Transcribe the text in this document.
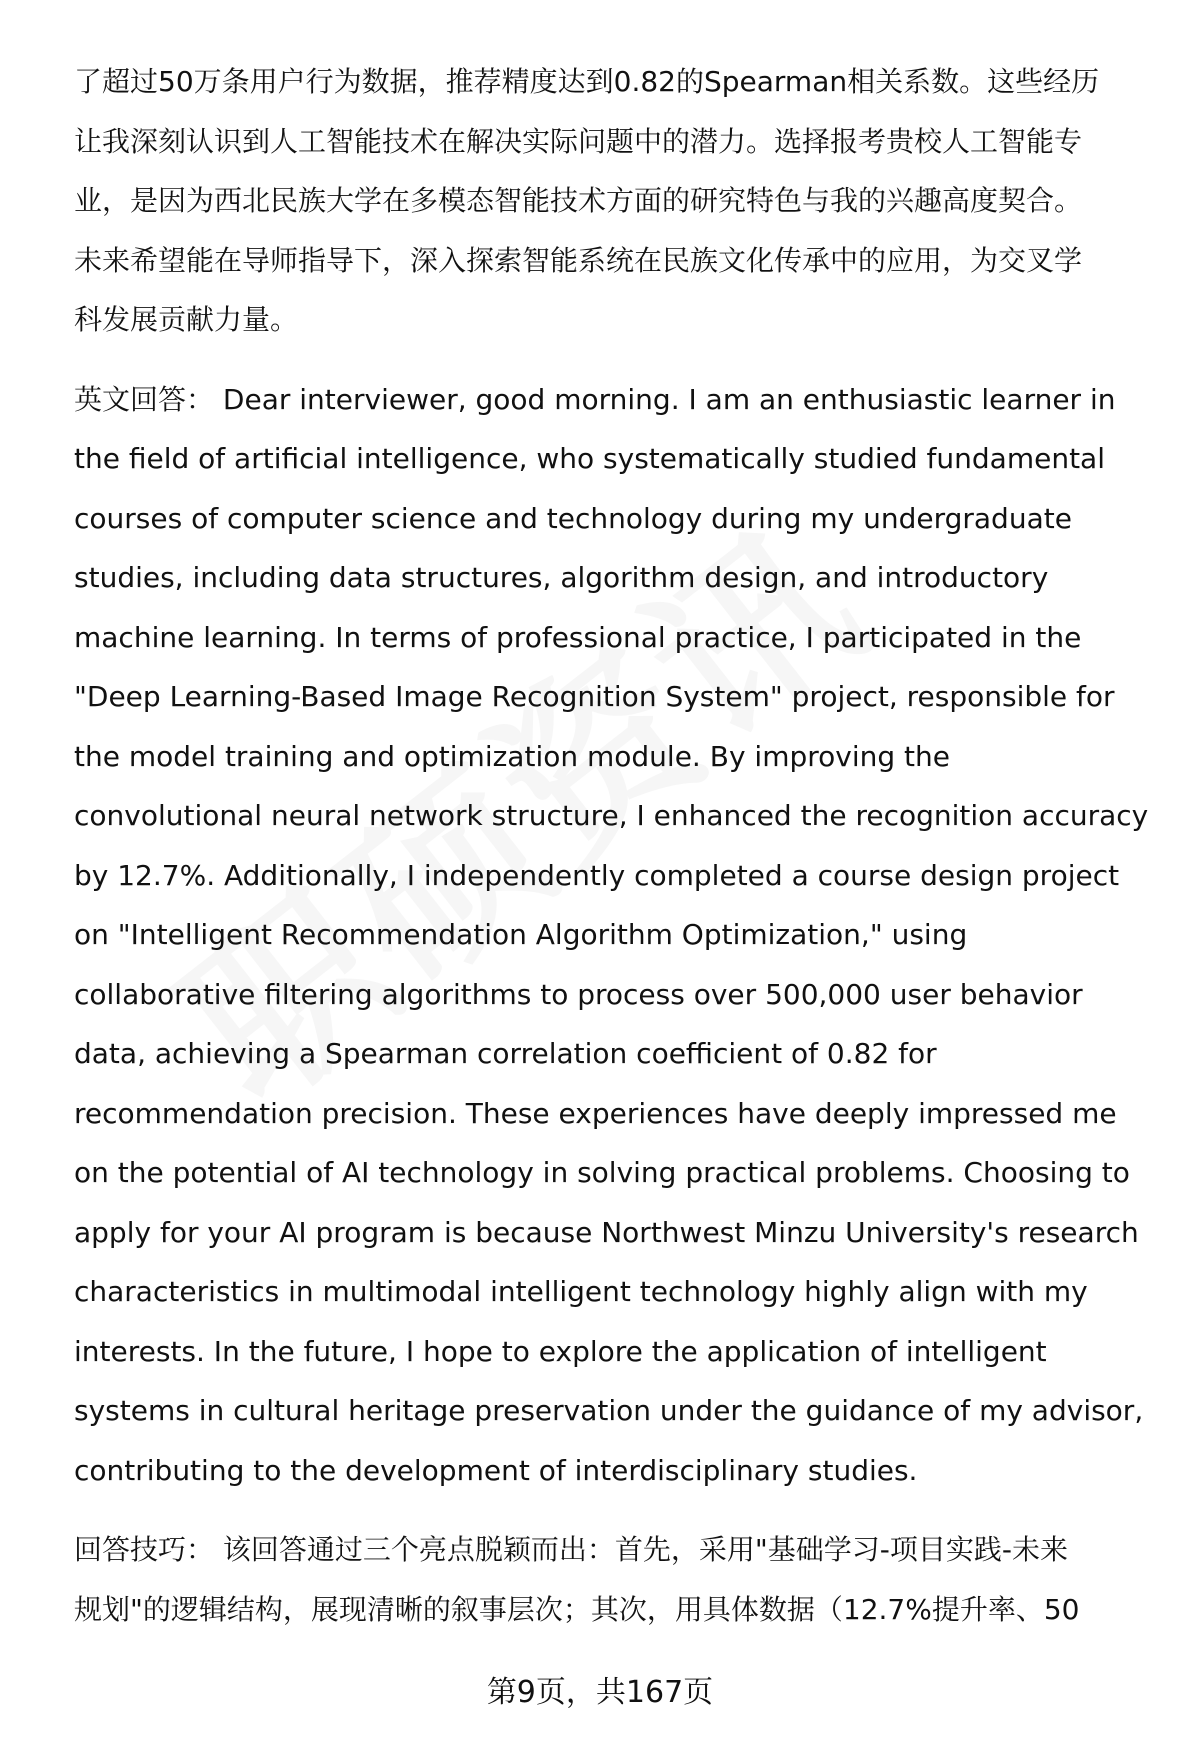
了超过50万条用户行为数据，推荐精度达到0.82的Spearman相关系数。这些经历
让我深刻认识到人工智能技术在解决实际问题中的潜力。选择报考贵校人工智能专
业，是因为西北民族大学在多模态智能技术方面的研究特色与我的兴趣高度契合。
未来希望能在导师指导下，深入探索智能系统在民族文化传承中的应用，为交叉学
科发展贡献力量。

英文回答： Dear interviewer, good morning. I am an enthusiastic learner in
the field of artificial intelligence, who systematically studied fundamental
courses of computer science and technology during my undergraduate
studies, including data structures, algorithm design, and introductory
machine learning. In terms of professional practice, I participated in the
"Deep Learning-Based Image Recognition System" project, responsible for
the model training and optimization module. By improving the
convolutional neural network structure, I enhanced the recognition accuracy
by 12.7%. Additionally, I independently completed a course design project
on "Intelligent Recommendation Algorithm Optimization," using
collaborative filtering algorithms to process over 500,000 user behavior
data, achieving a Spearman correlation coefficient of 0.82 for
recommendation precision. These experiences have deeply impressed me
on the potential of AI technology in solving practical problems. Choosing to
apply for your AI program is because Northwest Minzu University's research
characteristics in multimodal intelligent technology highly align with my
interests. In the future, I hope to explore the application of intelligent
systems in cultural heritage preservation under the guidance of my advisor,
contributing to the development of interdisciplinary studies.

回答技巧： 该回答通过三个亮点脱颖而出：首先，采用"基础学习-项目实践-未来
规划"的逻辑结构，展现清晰的叙事层次；其次，用具体数据（12.7%提升率、50

第9页，共167页
